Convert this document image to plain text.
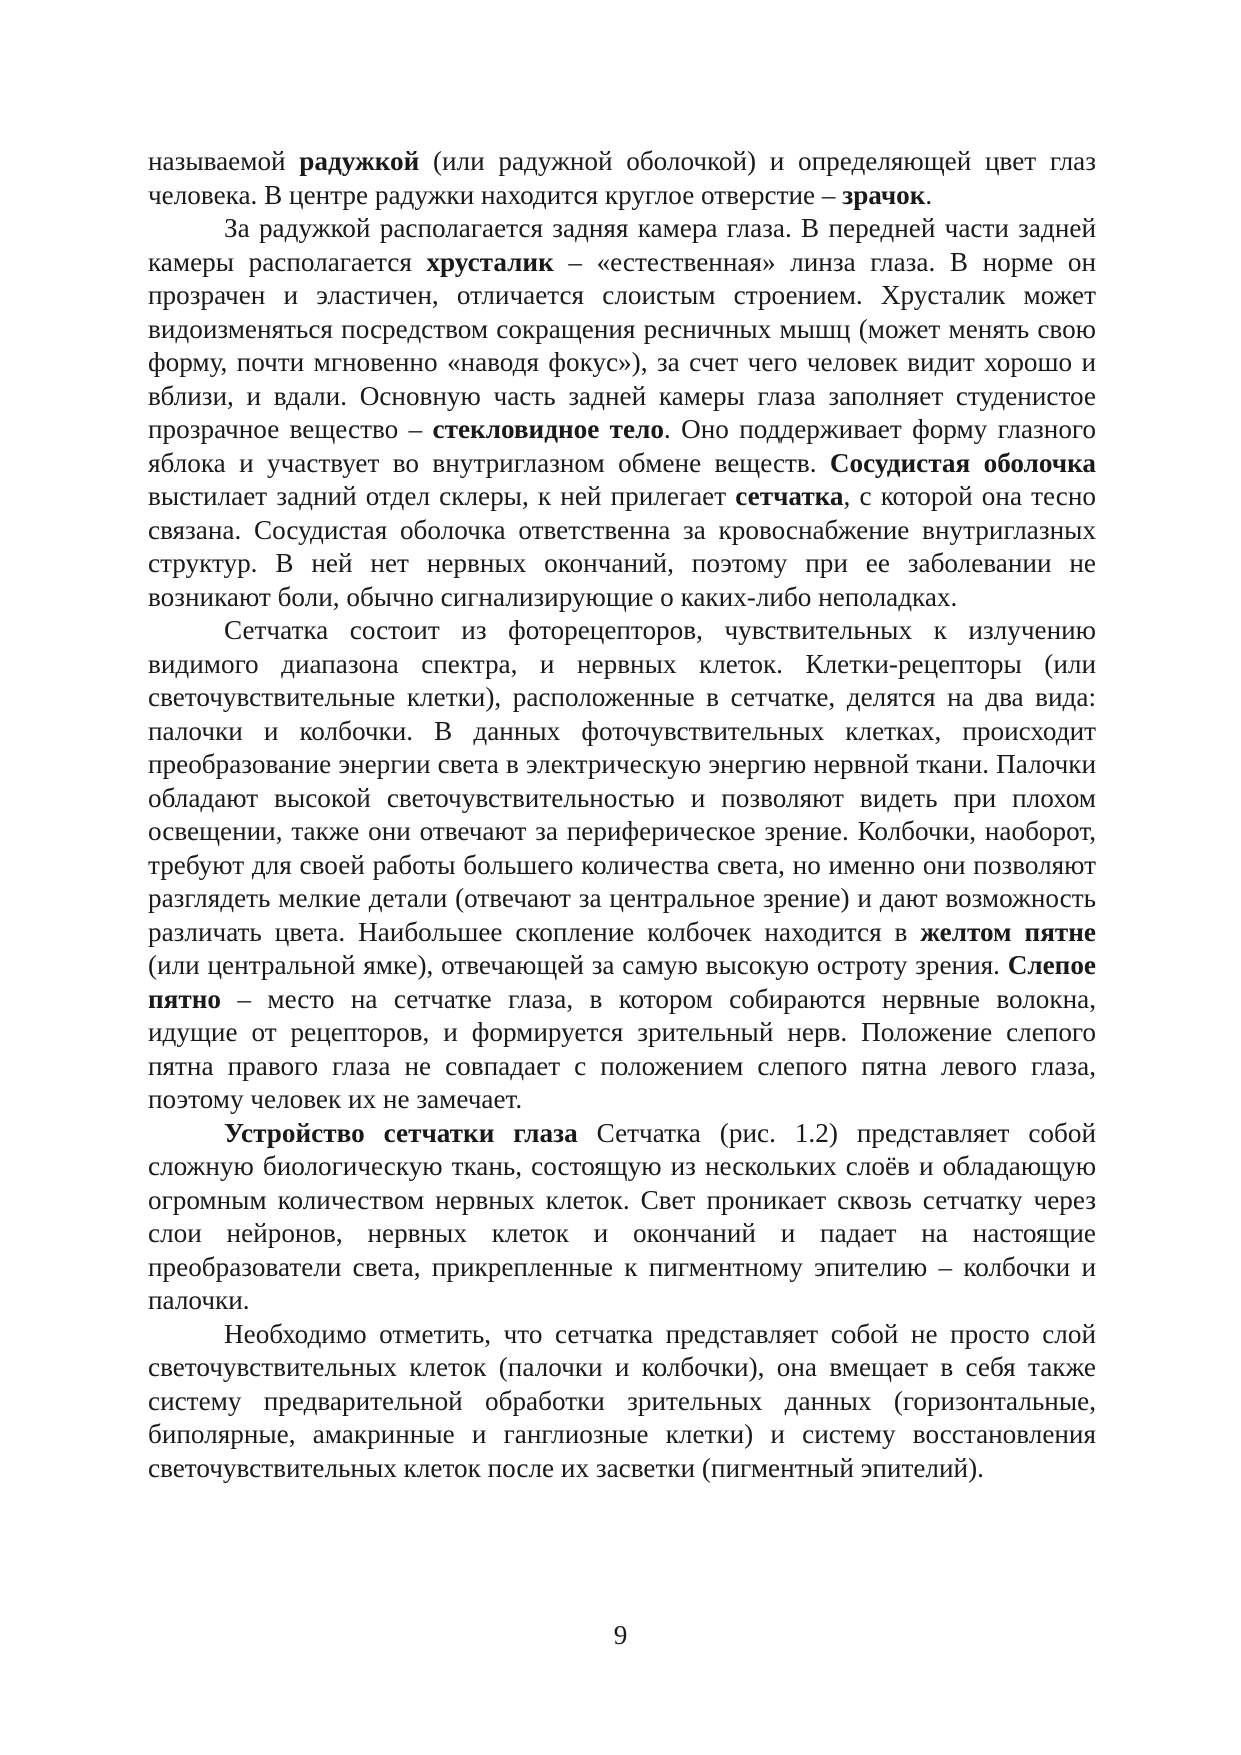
называемой радужкой (или радужной оболочкой) и определяющей цвет глаз человека. В центре радужки находится круглое отверстие – зрачок.

За радужкой располагается задняя камера глаза. В передней части задней камеры располагается хрусталик – «естественная» линза глаза. В норме он прозрачен и эластичен, отличается слоистым строением. Хрусталик может видоизменяться посредством сокращения ресничных мышц (может менять свою форму, почти мгновенно «наводя фокус»), за счет чего человек видит хорошо и вблизи, и вдали. Основную часть задней камеры глаза заполняет студенистое прозрачное вещество – стекловидное тело. Оно поддерживает форму глазного яблока и участвует во внутриглазном обмене веществ. Сосудистая оболочка выстилает задний отдел склеры, к ней прилегает сетчатка, с которой она тесно связана. Сосудистая оболочка ответственна за кровоснабжение внутриглазных структур. В ней нет нервных окончаний, поэтому при ее заболевании не возникают боли, обычно сигнализирующие о каких-либо неполадках.

Сетчатка состоит из фоторецепторов, чувствительных к излучению видимого диапазона спектра, и нервных клеток. Клетки-рецепторы (или светочувствительные клетки), расположенные в сетчатке, делятся на два вида: палочки и колбочки. В данных фоточувствительных клетках, происходит преобразование энергии света в электрическую энергию нервной ткани. Палочки обладают высокой светочувствительностью и позволяют видеть при плохом освещении, также они отвечают за периферическое зрение. Колбочки, наоборот, требуют для своей работы большего количества света, но именно они позволяют разглядеть мелкие детали (отвечают за центральное зрение) и дают возможность различать цвета. Наибольшее скопление колбочек находится в желтом пятне (или центральной ямке), отвечающей за самую высокую остроту зрения. Слепое пятно – место на сетчатке глаза, в котором собираются нервные волокна, идущие от рецепторов, и формируется зрительный нерв. Положение слепого пятна правого глаза не совпадает с положением слепого пятна левого глаза, поэтому человек их не замечает.

Устройство сетчатки глаза Сетчатка (рис. 1.2) представляет собой сложную биологическую ткань, состоящую из нескольких слоёв и обладающую огромным количеством нервных клеток. Свет проникает сквозь сетчатку через слои нейронов, нервных клеток и окончаний и падает на настоящие преобразователи света, прикрепленные к пигментному эпителию – колбочки и палочки.

Необходимо отметить, что сетчатка представляет собой не просто слой светочувствительных клеток (палочки и колбочки), она вмещает в себя также систему предварительной обработки зрительных данных (горизонтальные, биполярные, амакринные и ганглиозные клетки) и систему восстановления светочувствительных клеток после их засветки (пигментный эпителий).

9
